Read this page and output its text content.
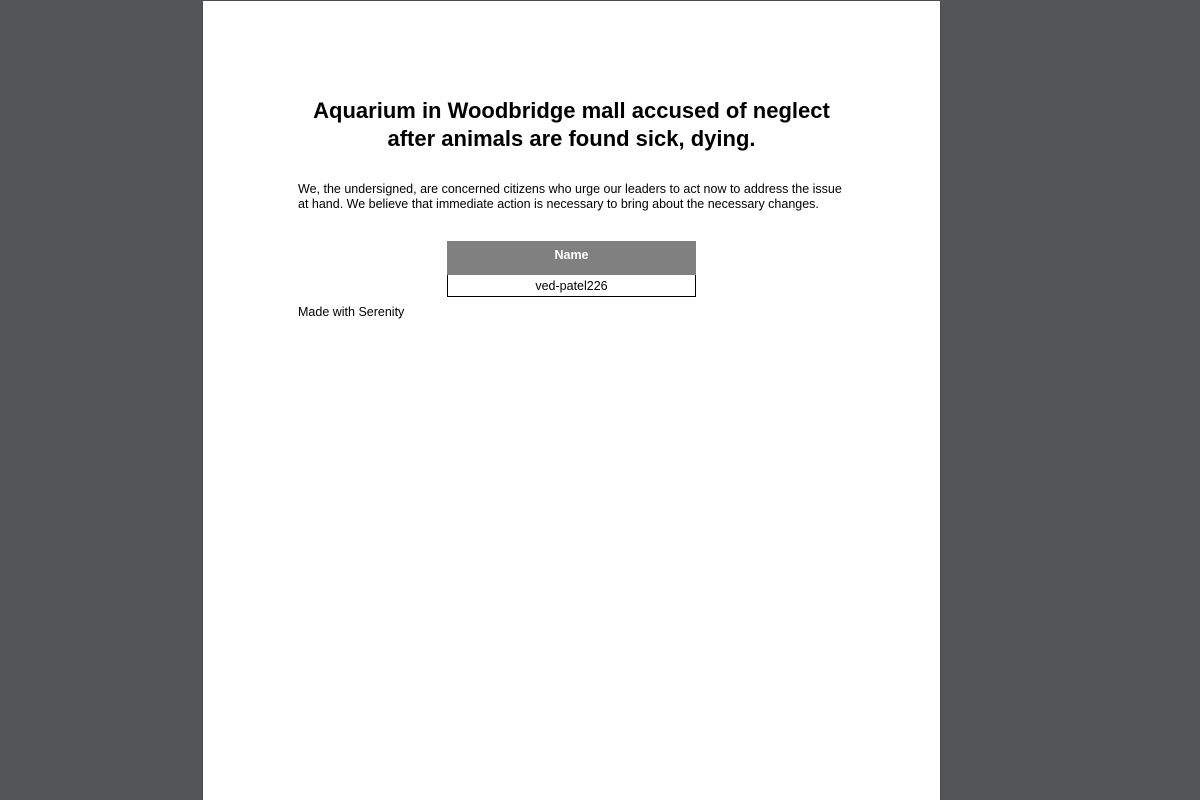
Aquarium in Woodbridge mall accused of neglect
after animals are found sick, dying.

We, the undersigned, are concerned citizens who urge our leaders to act now to address the issue
at hand. We believe that immediate action is necessary to bring about the necessary changes.

Name
ved-patel226

Made with Serenity
